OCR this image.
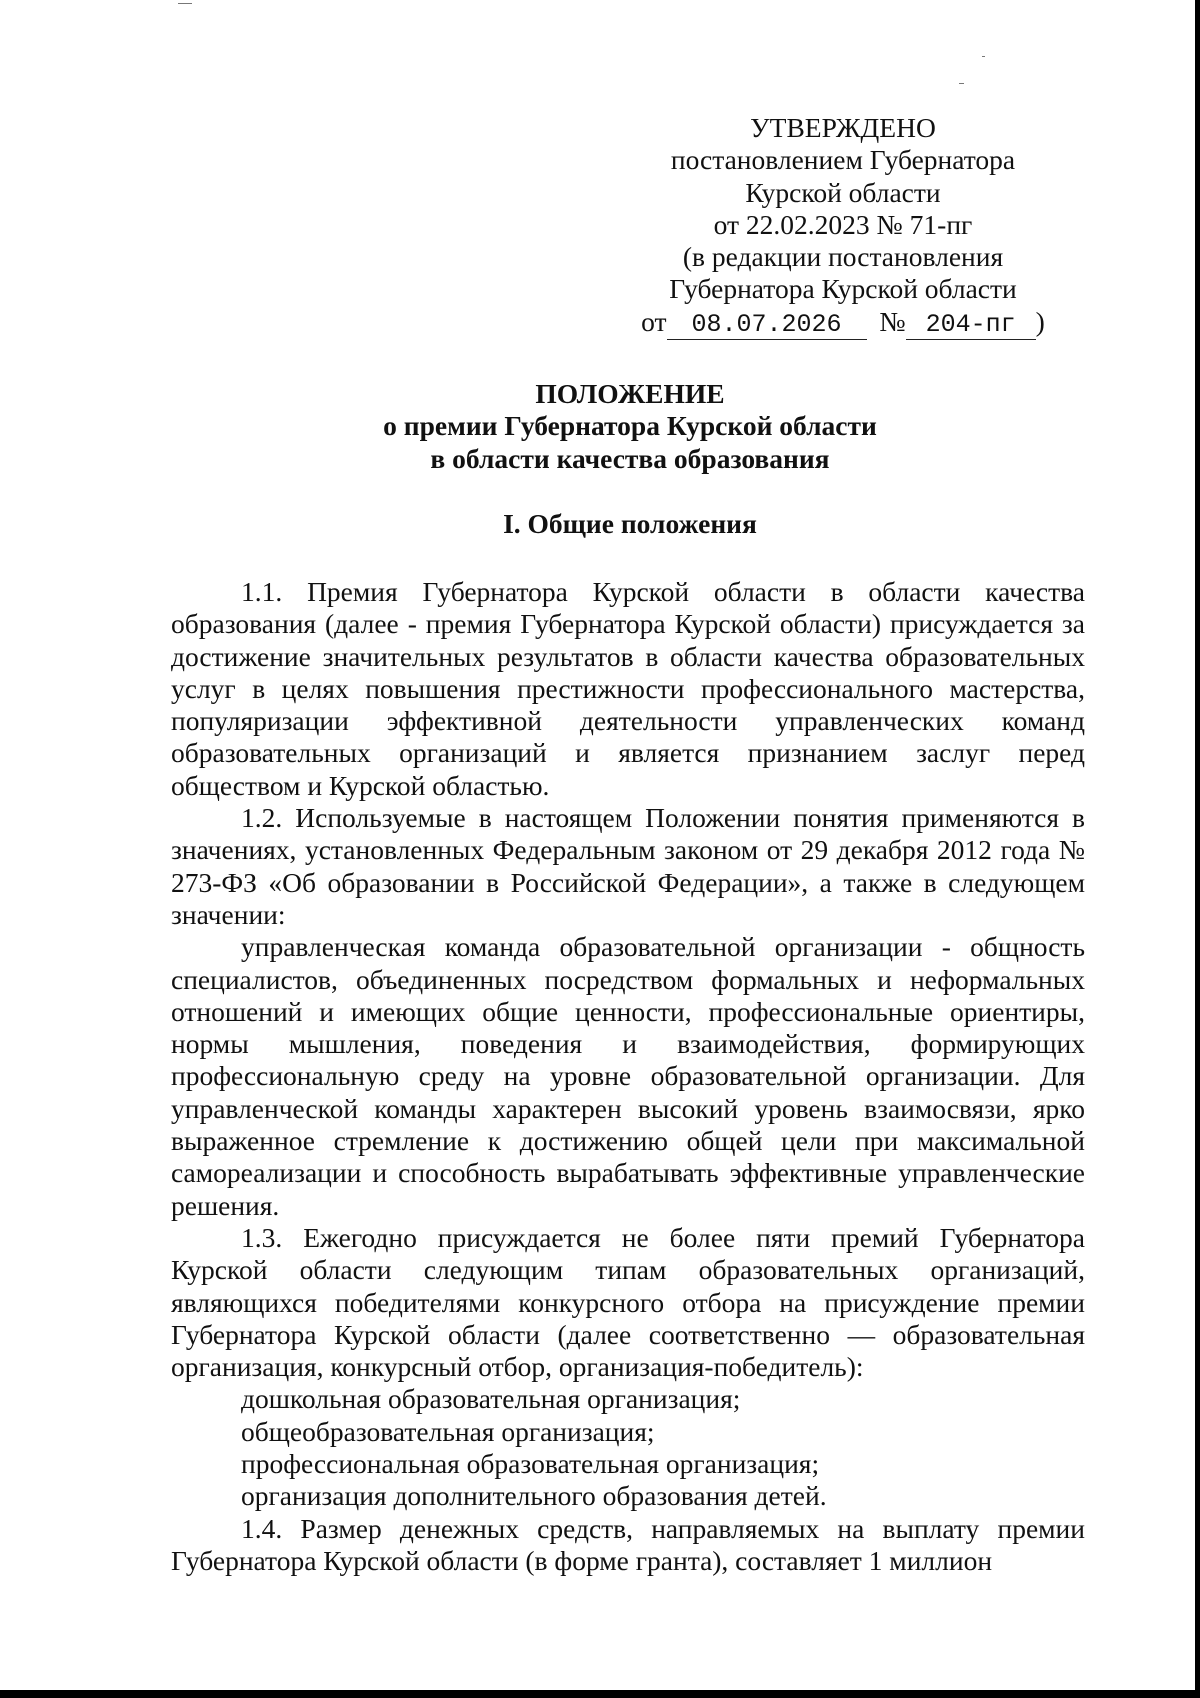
УТВЕРЖДЕНО
постановлением Губернатора
Курской области
от 22.02.2023 № 71-пг
(в редакции постановления
Губернатора Курской области
от 08.07.2026 № 204-пг )
ПОЛОЖЕНИЕ
о премии Губернатора Курской области
в области качества образования
I. Общие положения

1.1. Премия Губернатора Курской области в области качества образования (далее - премия Губернатора Курской области) присуждается за достижение значительных результатов в области качества образовательных услуг в целях повышения престижности профессионального мастерства, популяризации эффективной деятельности управленческих команд образовательных организаций и является признанием заслуг перед обществом и Курской областью.

1.2. Используемые в настоящем Положении понятия применяются в значениях, установленных Федеральным законом от 29 декабря 2012 года № 273-ФЗ «Об образовании в Российской Федерации», а также в следующем значении:

управленческая команда образовательной организации - общность специалистов, объединенных посредством формальных и неформальных отношений и имеющих общие ценности, профессиональные ориентиры, нормы мышления, поведения и взаимодействия, формирующих профессиональную среду на уровне образовательной организации. Для управленческой команды характерен высокий уровень взаимосвязи, ярко выраженное стремление к достижению общей цели при максимальной самореализации и способность вырабатывать эффективные управленческие решения.

1.3. Ежегодно присуждается не более пяти премий Губернатора Курской области следующим типам образовательных организаций, являющихся победителями конкурсного отбора на присуждение премии Губернатора Курской области (далее соответственно — образовательная организация, конкурсный отбор, организация-победитель):

дошкольная образовательная организация;
общеобразовательная организация;
профессиональная образовательная организация;
организация дополнительного образования детей.

1.4. Размер денежных средств, направляемых на выплату премии Губернатора Курской области (в форме гранта), составляет 1 миллион
